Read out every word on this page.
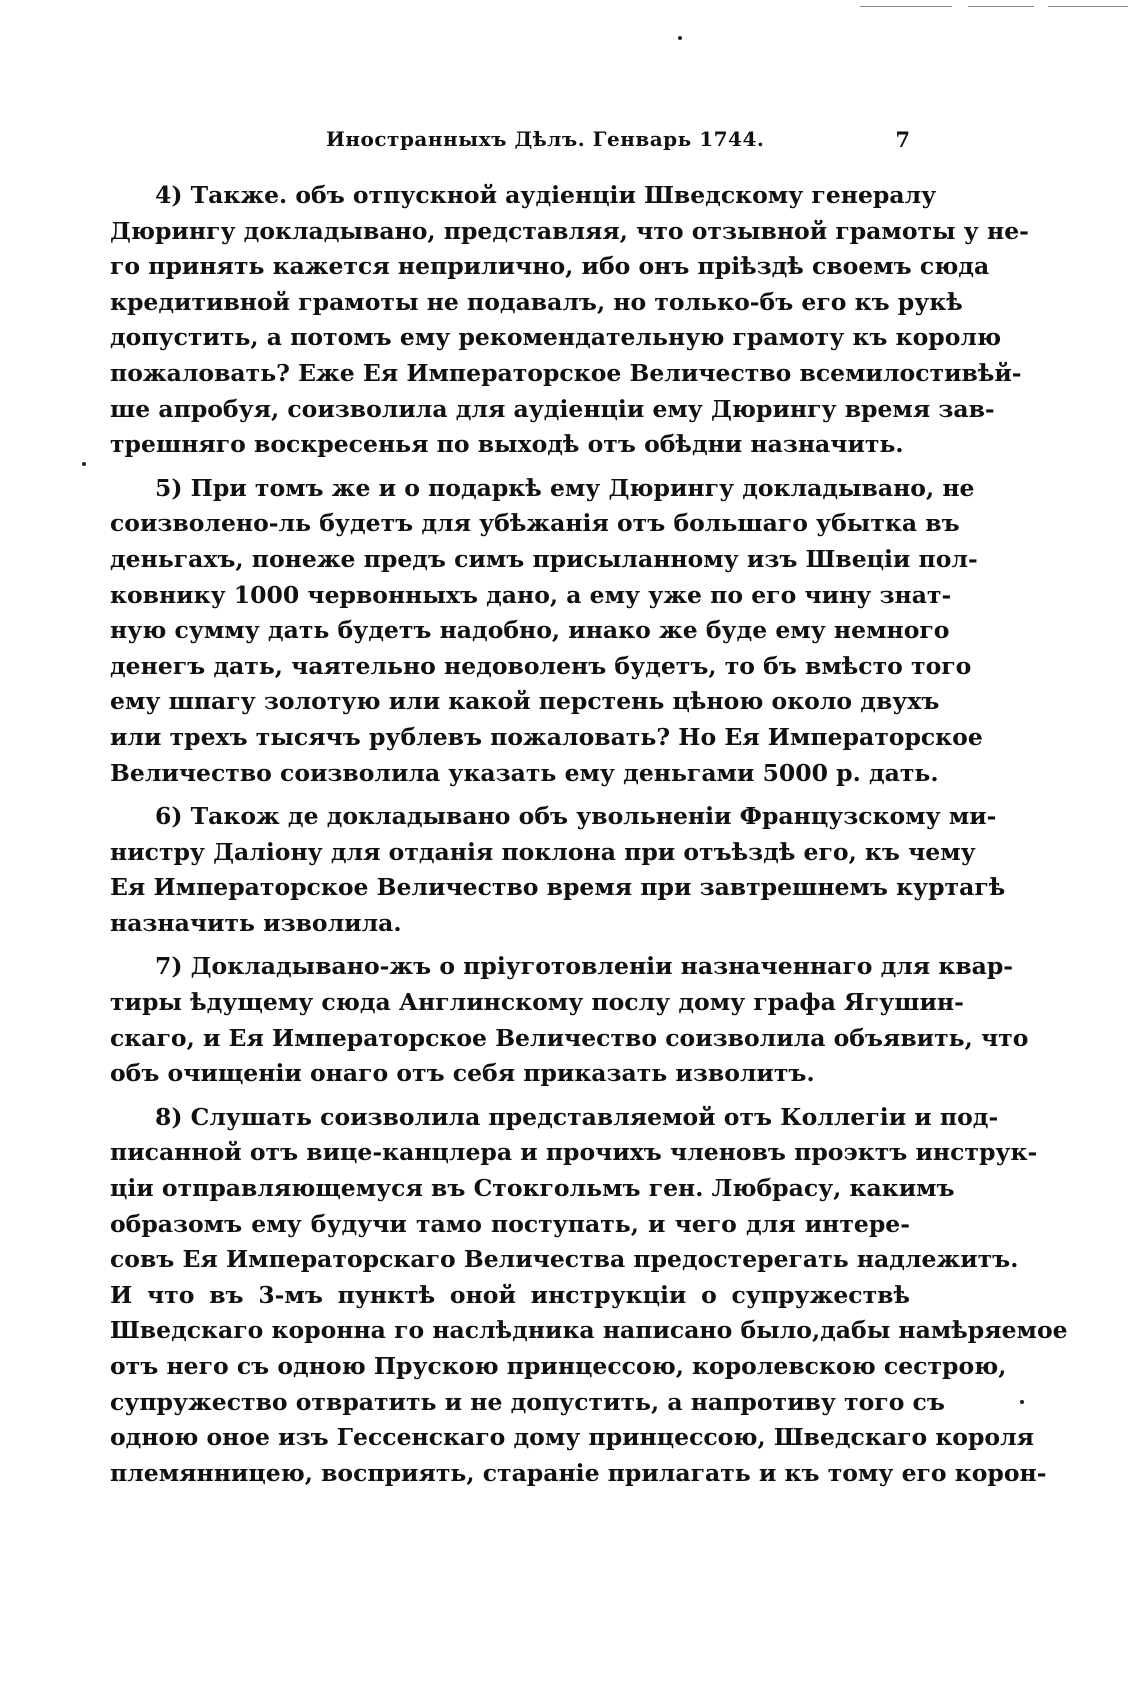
Иностранныхъ Дѣлъ. Генварь 1744.	7
4) Также. объ отпускной аудіенціи Шведскому генералу
Дюрингу докладывано, представляя, что отзывной грамоты у не-
го принять кажется неприлично, ибо онъ пріѣздѣ своемъ сюда
кредитивной грамоты не подавалъ, но только-бъ его къ рукѣ
допустить, а потомъ ему рекомендательную грамоту къ королю
пожаловать? Еже Ея Императорское Величество всемилостивѣй-
ше апробуя, соизволила для аудіенціи ему Дюрингу время зав-
трешняго воскресенья по выходѣ отъ обѣдни назначить.
5) При томъ же и о подаркѣ ему Дюрингу докладывано, не
соизволено-ль будетъ для убѣжанія отъ большаго убытка въ
деньгахъ, понеже предъ симъ присыланному изъ Швеціи пол-
ковнику 1000 червонныхъ дано, а ему уже по его чину знат-
ную сумму дать будетъ надобно, инако же буде ему немного
денегъ дать, чаятельно недоволенъ будетъ, то бъ вмѣсто того
ему шпагу золотую или какой перстень цѣною около двухъ
или трехъ тысячъ рублевъ пожаловать? Но Ея Императорское
Величество соизволила указать ему деньгами 5000 р. дать.
6) Також де докладывано объ увольненіи Французскому ми-
нистру Даліону для отданія поклона при отъѣздѣ его, къ чему
Ея Императорское Величество время при завтрешнемъ куртагѣ
назначить изволила.
7) Докладывано-жъ о пріуготовленіи назначеннаго для квар-
тиры ѣдущему сюда Англинскому послу дому графа Ягушин-
скаго, и Ея Императорское Величество соизволила объявить, что
объ очищеніи онаго отъ себя приказать изволитъ.
8) Слушать соизволила представляемой отъ Коллегіи и под-
писанной отъ вице-канцлера и прочихъ членовъ проэктъ инструк-
ціи отправляющемуся въ Стокгольмъ ген. Любрасу, какимъ
образомъ ему будучи тамо поступать, и чего для интере-
совъ Ея Императорскаго Величества предостерегать надлежитъ.
И что въ 3-мъ пунктѣ оной инструкціи о супружествѣ
Шведскаго коронна го наслѣдника написано было,дабы намѣряемое
отъ него съ одною Прускою принцессою, королевскою сестрою,
супружество отвратить и не допустить, а напротиву того съ
одною оное изъ Гессенскаго дому принцессою, Шведскаго короля
племянницею, восприять, стараніе прилагать и къ тому его корон-
